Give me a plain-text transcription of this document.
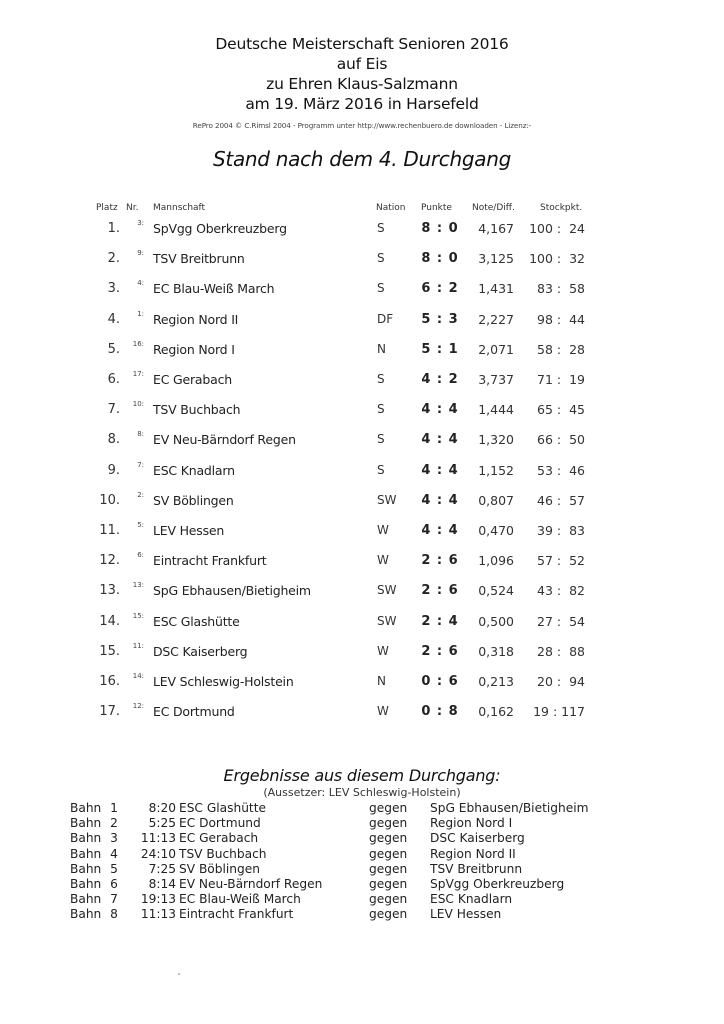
Deutsche Meisterschaft Senioren 2016
auf Eis
zu Ehren Klaus-Salzmann
am 19. März 2016 in Harsefeld
RePro 2004 © C.Rimsl 2004 - Programm unter http://www.rechenbuero.de downloaden - Lizenz:-
Stand nach dem 4. Durchgang
Platz Nr. Mannschaft	Nation Punkte Note/Diff.	Stockpkt.
1.	3: SpVgg Oberkreuzberg	S	8 : 0	4,167	100 :  24
2.	9: TSV Breitbrunn	S	8 : 0	3,125	100 :  32
3.	4: EC Blau-Weiß March	S	6 : 2	1,431	83 :  58
4.	1: Region Nord II	DF	5 : 3	2,227	98 :  44
5.	16: Region Nord I	N	5 : 1	2,071	58 :  28
6.	17: EC Gerabach	S	4 : 2	3,737	71 :  19
7.	10: TSV Buchbach	S	4 : 4	1,444	65 :  45
8.	8: EV Neu-Bärndorf Regen	S	4 : 4	1,320	66 :  50
9.	7: ESC Knadlarn	S	4 : 4	1,152	53 :  46
10.	2: SV Böblingen	SW	4 : 4	0,807	46 :  57
11.	5: LEV Hessen	W	4 : 4	0,470	39 :  83
12.	6: Eintracht Frankfurt	W	2 : 6	1,096	57 :  52
13.	13: SpG Ebhausen/Bietigheim	SW	2 : 6	0,524	43 :  82
14.	15: ESC Glashütte	SW	2 : 4	0,500	27 :  54
15.	11: DSC Kaiserberg	W	2 : 6	0,318	28 :  88
16.	14: LEV Schleswig-Holstein	N	0 : 6	0,213	20 :  94
17.	12: EC Dortmund	W	0 : 8	0,162	19 : 117
Ergebnisse aus diesem Durchgang:
(Aussetzer: LEV Schleswig-Holstein)
Bahn 1	8:20 ESC Glashütte	gegen SpG Ebhausen/Bietigheim
Bahn 2	5:25 EC Dortmund	gegen Region Nord I
Bahn 3	11:13 EC Gerabach	gegen DSC Kaiserberg
Bahn 4	24:10 TSV Buchbach	gegen Region Nord II
Bahn 5	7:25 SV Böblingen	gegen TSV Breitbrunn
Bahn 6	8:14 EV Neu-Bärndorf Regen	gegen SpVgg Oberkreuzberg
Bahn 7	19:13 EC Blau-Weiß March	gegen ESC Knadlarn
Bahn 8	11:13 Eintracht Frankfurt	gegen LEV Hessen
